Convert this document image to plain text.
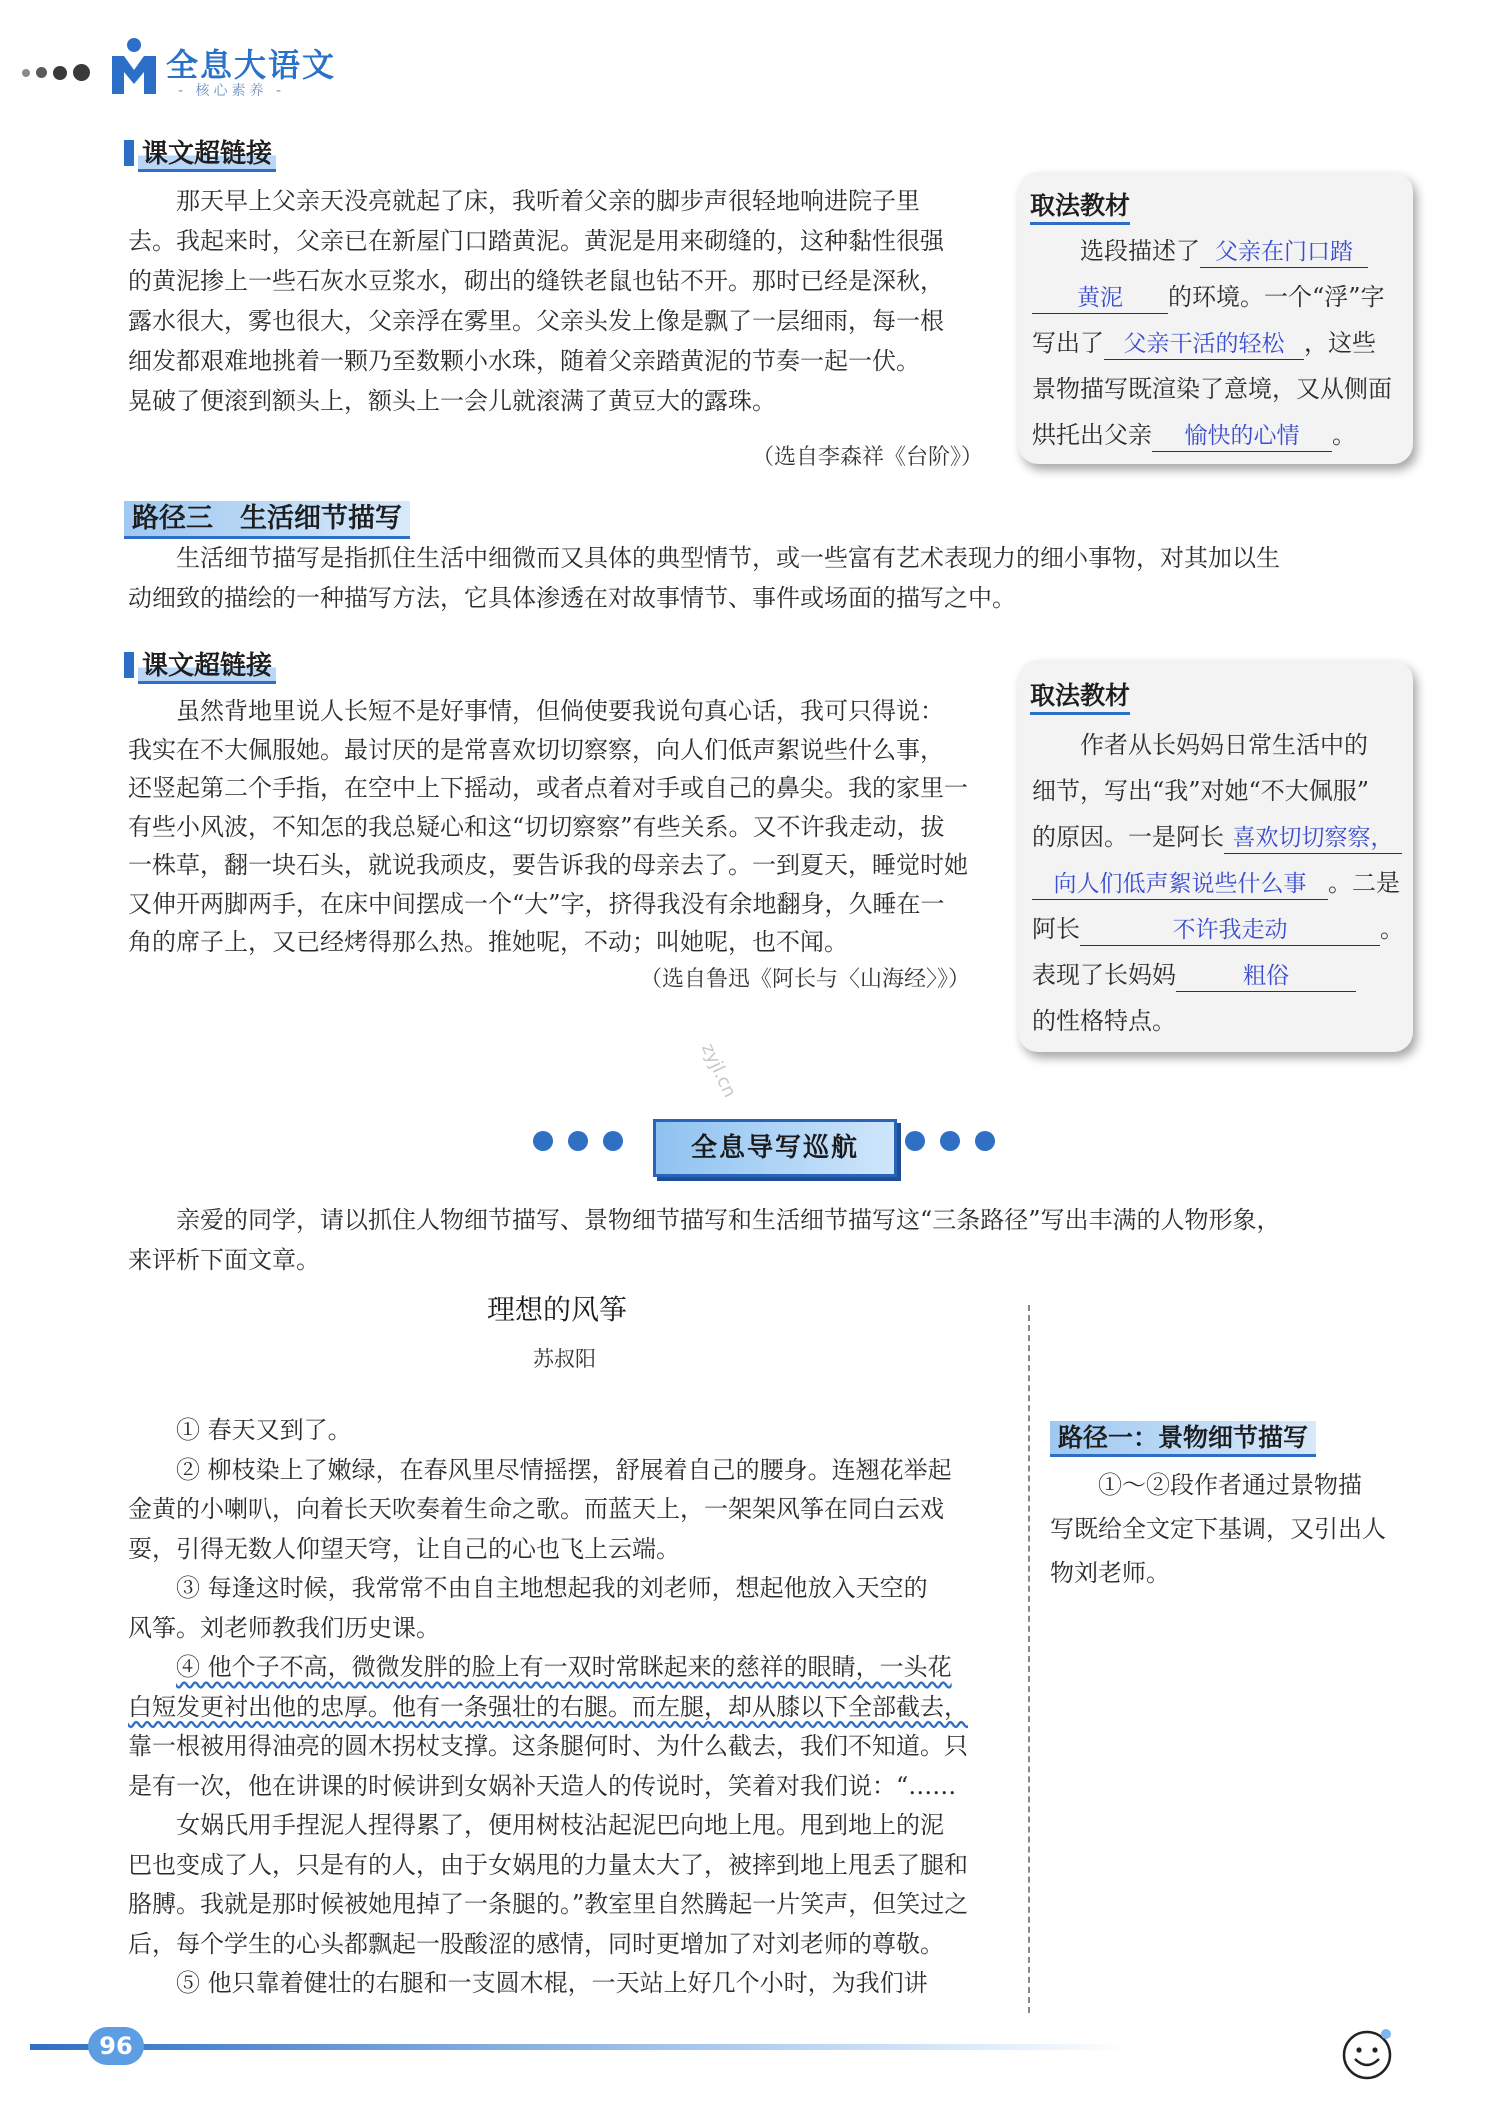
全息大语文
- 核心素养 -
课文超链接
那天早上父亲天没亮就起了床，我听着父亲的脚步声很轻地响进院子里
去。我起来时，父亲已在新屋门口踏黄泥。黄泥是用来砌缝的，这种黏性很强
的黄泥掺上一些石灰水豆浆水，砌出的缝铁老鼠也钻不开。那时已经是深秋，
露水很大，雾也很大，父亲浮在雾里。父亲头发上像是飘了一层细雨，每一根
细发都艰难地挑着一颗乃至数颗小水珠，随着父亲踏黄泥的节奏一起一伏。
晃破了便滚到额头上，额头上一会儿就滚满了黄豆大的露珠。
（选自李森祥《台阶》）
取法教材
选段描述了 父亲在门口踏
黄泥 的环境。一个“浮”字
写出了 父亲干活的轻松 ，这些
景物描写既渲染了意境，又从侧面
烘托出父亲 愉快的心情 。
路径三　生活细节描写
生活细节描写是指抓住生活中细微而又具体的典型情节，或一些富有艺术表现力的细小事物，对其加以生
动细致的描绘的一种描写方法，它具体渗透在对故事情节、事件或场面的描写之中。
课文超链接
虽然背地里说人长短不是好事情，但倘使要我说句真心话，我可只得说：
我实在不大佩服她。最讨厌的是常喜欢切切察察，向人们低声絮说些什么事，
还竖起第二个手指，在空中上下摇动，或者点着对手或自己的鼻尖。我的家里一
有些小风波，不知怎的我总疑心和这“切切察察”有些关系。又不许我走动，拔
一株草，翻一块石头，就说我顽皮，要告诉我的母亲去了。一到夏天，睡觉时她
又伸开两脚两手，在床中间摆成一个“大”字，挤得我没有余地翻身，久睡在一
角的席子上，又已经烤得那么热。推她呢，不动；叫她呢，也不闻。
（选自鲁迅《阿长与〈山海经〉》）
取法教材
作者从长妈妈日常生活中的
细节，写出“我”对她“不大佩服”
的原因。一是阿长 喜欢切切察察，
向人们低声絮说些什么事 。二是
阿长	不许我走动	。
表现了长妈妈	粗俗
的性格特点。
zyjl.cn
全息导写巡航
亲爱的同学，请以抓住人物细节描写、景物细节描写和生活细节描写这“三条路径”写出丰满的人物形象，
来评析下面文章。
理想的风筝
苏叔阳
① 春天又到了。
② 柳枝染上了嫩绿，在春风里尽情摇摆，舒展着自己的腰身。连翘花举起
金黄的小喇叭，向着长天吹奏着生命之歌。而蓝天上，一架架风筝在同白云戏
耍，引得无数人仰望天穹，让自己的心也飞上云端。
③ 每逢这时候，我常常不由自主地想起我的刘老师，想起他放入天空的
风筝。刘老师教我们历史课。
④ 他个子不高，微微发胖的脸上有一双时常眯起来的慈祥的眼睛，一头花
白短发更衬出他的忠厚。他有一条强壮的右腿。而左腿，却从膝以下全部截去，
靠一根被用得油亮的圆木拐杖支撑。这条腿何时、为什么截去，我们不知道。只
是有一次，他在讲课的时候讲到女娲补天造人的传说时，笑着对我们说：“……
女娲氏用手捏泥人捏得累了，便用树枝沾起泥巴向地上甩。甩到地上的泥
巴也变成了人，只是有的人，由于女娲甩的力量太大了，被摔到地上甩丢了腿和
胳膊。我就是那时候被她甩掉了一条腿的。”教室里自然腾起一片笑声，但笑过之
后，每个学生的心头都飘起一股酸涩的感情，同时更增加了对刘老师的尊敬。
⑤ 他只靠着健壮的右腿和一支圆木棍，一天站上好几个小时，为我们讲
路径一：景物细节描写
①～②段作者通过景物描
写既给全文定下基调，又引出人
物刘老师。
96
